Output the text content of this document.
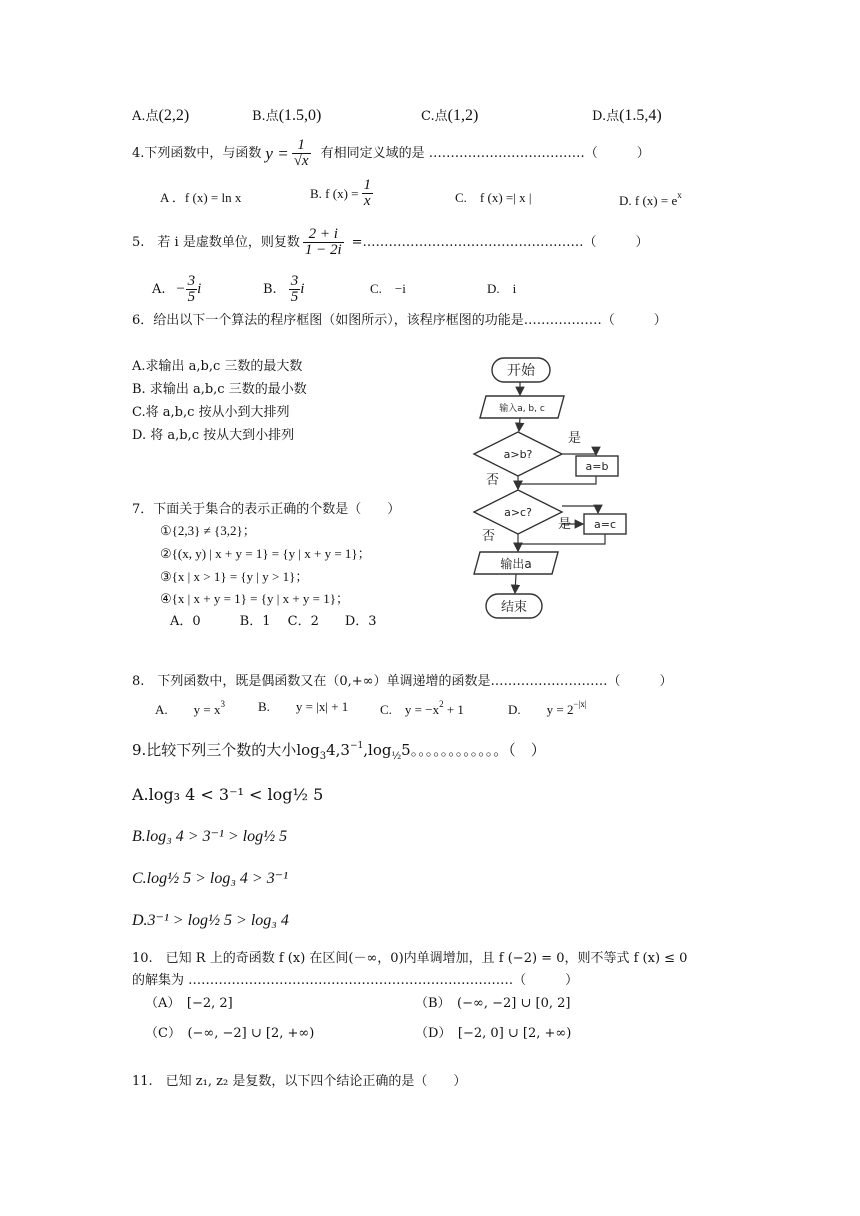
A.点(2,2)	B.点(1.5,0)	C.点(1,2)	D.点(1.5,4)
4.下列函数中，与函数 $y = \frac{1}{√x}$ 有相同定义域的是 ………………………………（　　　）
A ．f (x) = ln x	B. f $(x) = \frac{1}{x}$	C.　f (x) =| x |	D. f $(x) = e^x$
5.　若 i 是虚数单位，则复数 $\frac{2 + i}{1 - 2i}$ =……………………………………………（　　　）
A. − $\frac{3}{5}$ i	B. $\frac{3}{5}$ i	C.　−i	D.　i
6．给出以下一个算法的程序框图（如图所示），该程序框图的功能是………………（　　　）
A.求输出 a,b,c 三数的最大数
B. 求输出 a,b,c 三数的最小数
C.将 a,b,c 按从小到大排列
D. 将 a,b,c 按从大到小排列
开始
输入a, b, c
a>b?
是
a=b
否
a>c?
是 a=c
否
输出a
结束
7．下面关于集合的表示正确的个数是（　　）
①{2,3} ≠ {3,2}；
②{(x, y) | x + y = 1} = {y | x + y = 1}；
③{x | x > 1} = {y | y > 1}；
④{x | x + y = 1} = {y | x + y = 1}；
A．0　　　B．1　 C．2　　D．3
8.　下列函数中，既是偶函数又在（0,+∞）单调递增的函数是………………………（　　　）
A.　　$y = x^3$	B.　　y = |x| + 1 C.　$y = -x^2 + 1$	D.　　$y = 2^{-|x|}$
9.比较下列三个数的大小$\log_34,3^{-1},\log_{\frac{1}{2}}5$。。。。。。。。。。。。（　）
A.log₃ 4 < 3⁻¹ < log½ 5
B.log₃ 4 > 3⁻¹ > log½ 5
C.log½ 5 > log₃ 4 > 3⁻¹
D.3⁻¹ > log½ 5 > log₃ 4
10.　已知 R 上的奇函数 f (x) 在区间(－∞，0)内单调增加，且 f (−2) = 0，则不等式 f (x) ≤ 0
的解集为 …………………………………………………………………（　　　）
（A）　[−2, 2]	（B）　(−∞, −2] ∪ [0, 2]
（C）　(−∞, −2] ∪ [2, +∞)	（D）　[−2, 0] ∪ [2, +∞)
11.　已知 z₁, z₂ 是复数，以下四个结论正确的是（　　）
